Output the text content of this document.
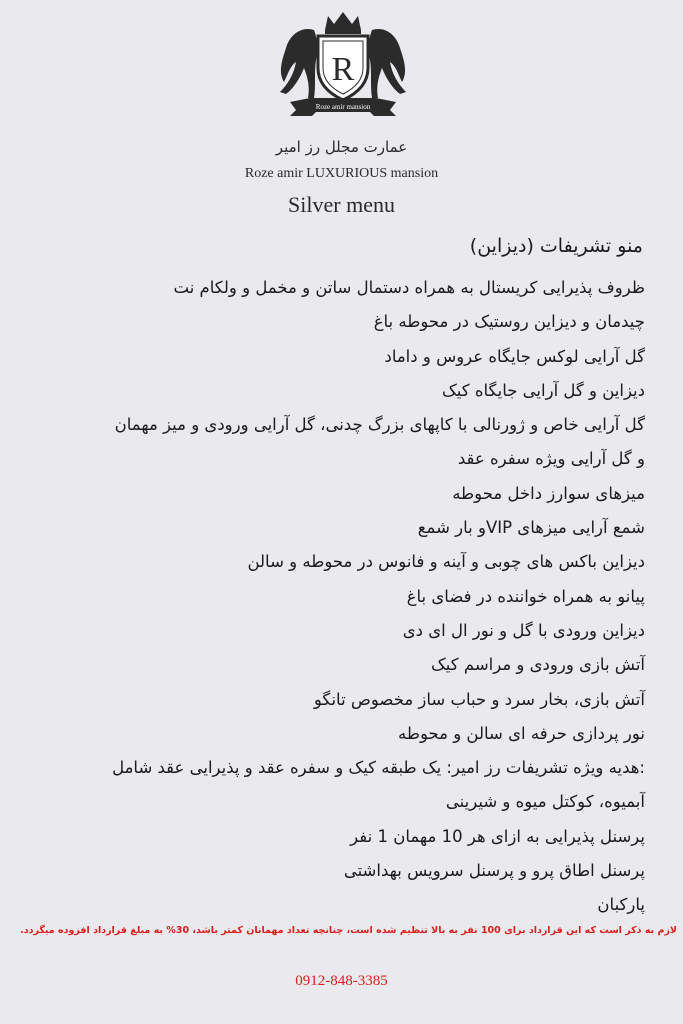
R
Roze amir mansion
عمارت مجلل رز امیر
Roze amir LUXURIOUS mansion
Silver menu
منو تشریفات (دیزاین)
ظروف پذیرایی کریستال به همراه دستمال ساتن و مخمل و ولکام نت
چیدمان و دیزاین روستیک در محوطه باغ
گل آرایی لوکس جایگاه عروس و داماد
دیزاین و گل آرایی جایگاه کیک
گل آرایی خاص و ژورنالی با کاپهای بزرگ چدنی، گل آرایی ورودی و میز مهمان
و گل آرایی ویژه سفره عقد
میزهای سوارز داخل محوطه
شمع آرایی میزهای VIPو بار شمع
دیزاین باکس های چوبی و آینه و فانوس در محوطه و سالن
پیانو به همراه خواننده در فضای باغ
دیزاین ورودی با گل و نور ال ای دی
آتش بازی ورودی و مراسم کیک
آتش بازی، بخار سرد و حباب ساز مخصوص تانگو
نور پردازی حرفه ای سالن و محوطه
:هدیه ویژه تشریفات رز امیر: یک طبقه کیک و سفره عقد و پذیرایی عقد شامل
آبمیوه، کوکتل میوه و شیرینی
پرسنل پذیرایی به ازای هر 10 مهمان 1 نفر
پرسنل اطاق پرو و پرسنل سرویس بهداشتی
پارکبان
لازم به ذکر است که این قرارداد برای 100 نفر به بالا تنظیم شده است، چنانچه تعداد مهمانان کمتر باشد، 30% به مبلغ قرارداد افزوده میگردد.
0912-848-3385
